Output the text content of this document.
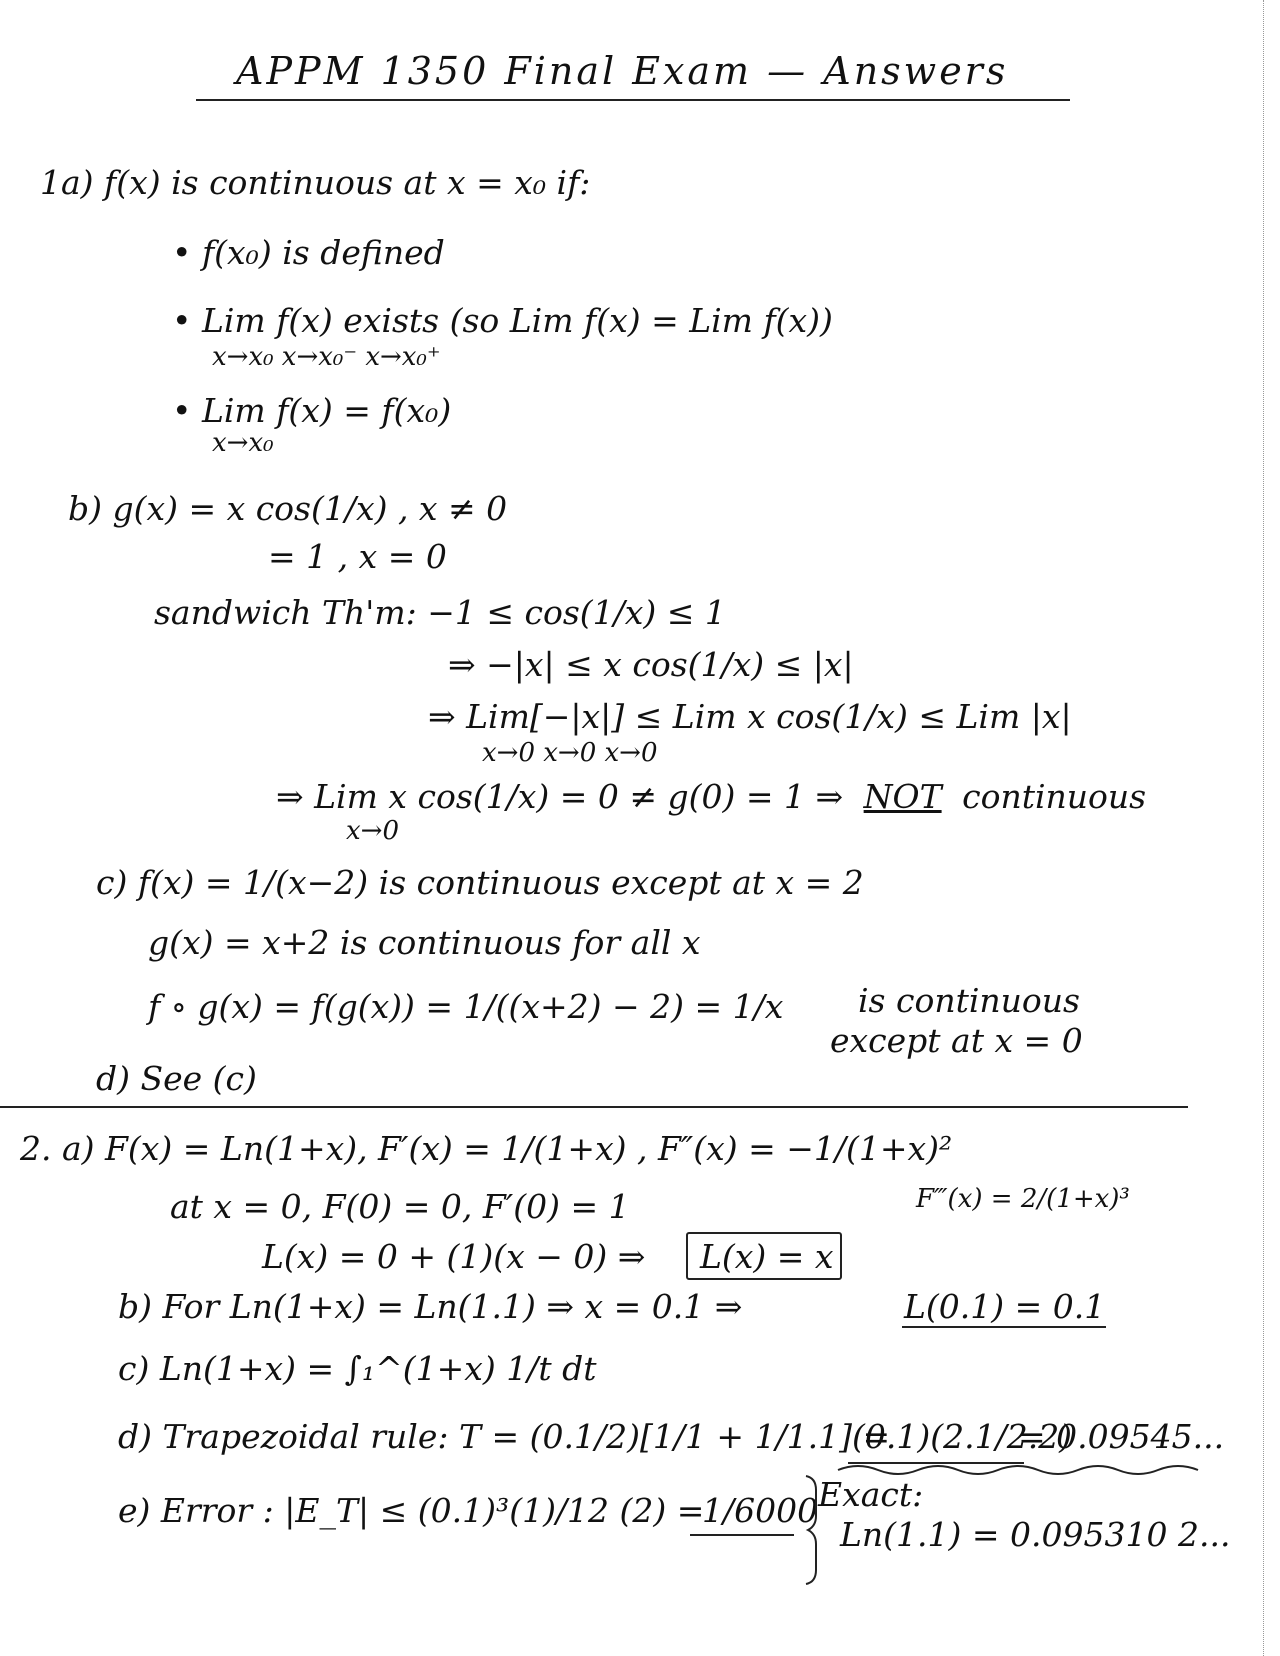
APPM 1350 Final Exam — Answers
1a) f(x) is continuous at x = x₀ if:
• f(x₀) is defined
• Lim f(x) exists (so Lim f(x) = Lim f(x))
x→x₀ x→x₀⁻ x→x₀⁺
• Lim f(x) = f(x₀)
x→x₀
b) g(x) = x cos(1/x) , x ≠ 0
= 1 , x = 0
sandwich Th'm: −1 ≤ cos(1/x) ≤ 1
⇒ −|x| ≤ x cos(1/x) ≤ |x|
⇒ Lim[−|x|] ≤ Lim x cos(1/x) ≤ Lim |x|
x→0 x→0 x→0
⇒ Lim x cos(1/x) = 0 ≠ g(0) = 1 ⇒ NOT continuous
x→0
c) f(x) = 1/(x−2) is continuous except at x = 2
g(x) = x+2 is continuous for all x
f ∘ g(x) = f(g(x)) = 1/((x+2) − 2) = 1/x is continuous
except at x = 0
d) See (c)
2. a) F(x) = Ln(1+x), F′(x) = 1/(1+x) , F″(x) = −1/(1+x)²
F‴(x) = 2/(1+x)³
at x = 0, F(0) = 0, F′(0) = 1
L(x) = 0 + (1)(x − 0) ⇒ L(x) = x
b) For Ln(1+x) = Ln(1.1) ⇒ x = 0.1 ⇒	L(0.1) = 0.1
c) Ln(1+x) = ∫₁^(1+x) 1/t dt
d) Trapezoidal rule: T = (0.1/2)[1/1 + 1/1.1] =
(0.1)(2.1/2.2)
= 0.09545...
e) Error : |E_T| ≤ (0.1)³(1)/12 (2) =
1/6000 Exact:
Ln(1.1) = 0.095310 2...
